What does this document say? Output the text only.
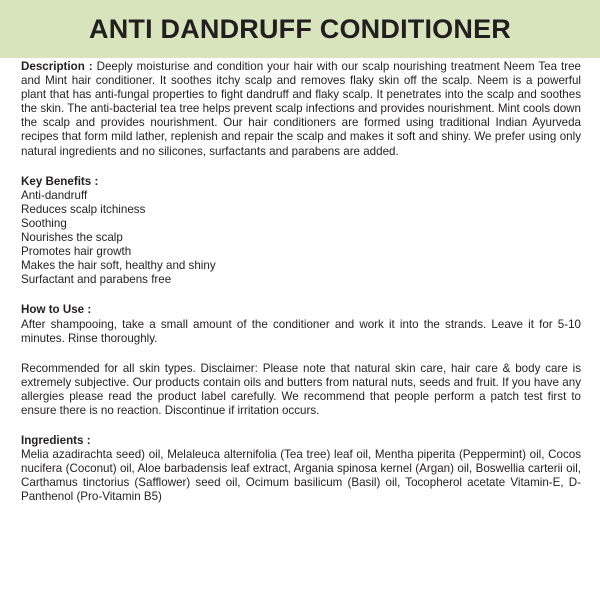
ANTI DANDRUFF CONDITIONER

Description : Deeply moisturise and condition your hair with our scalp nourishing treatment Neem Tea tree and Mint hair conditioner. It soothes itchy scalp and removes flaky skin off the scalp. Neem is a powerful plant that has anti-fungal properties to fight dandruff and flaky scalp. It penetrates into the scalp and soothes the skin. The anti-bacterial tea tree helps prevent scalp infections and provides nourishment. Mint cools down the scalp and provides nourishment. Our hair conditioners are formed using traditional Indian Ayurveda recipes that form mild lather, replenish and repair the scalp and makes it soft and shiny. We prefer using only natural ingredients and no silicones, surfactants and parabens are added.

Key Benefits :
Anti-dandruff
Reduces scalp itchiness
Soothing
Nourishes the scalp
Promotes hair growth
Makes the hair soft, healthy and shiny
Surfactant and parabens free
How to Use :

After shampooing, take a small amount of the conditioner and work it into the strands. Leave it for 5-10 minutes. Rinse thoroughly.

Recommended for all skin types. Disclaimer: Please note that natural skin care, hair care & body care is extremely subjective. Our products contain oils and butters from natural nuts, seeds and fruit. If you have any allergies please read the product label carefully. We recommend that people perform a patch test first to ensure there is no reaction. Discontinue if irritation occurs.

Ingredients :

Melia azadirachta seed) oil, Melaleuca alternifolia (Tea tree) leaf oil, Mentha piperita (Peppermint) oil, Cocos nucifera (Coconut) oil, Aloe barbadensis leaf extract, Argania spinosa kernel (Argan) oil, Boswellia carterii oil, Carthamus tinctorius (Safflower) seed oil, Ocimum basilicum (Basil) oil, Tocopherol acetate Vitamin-E, D-Panthenol (Pro-Vitamin B5)
